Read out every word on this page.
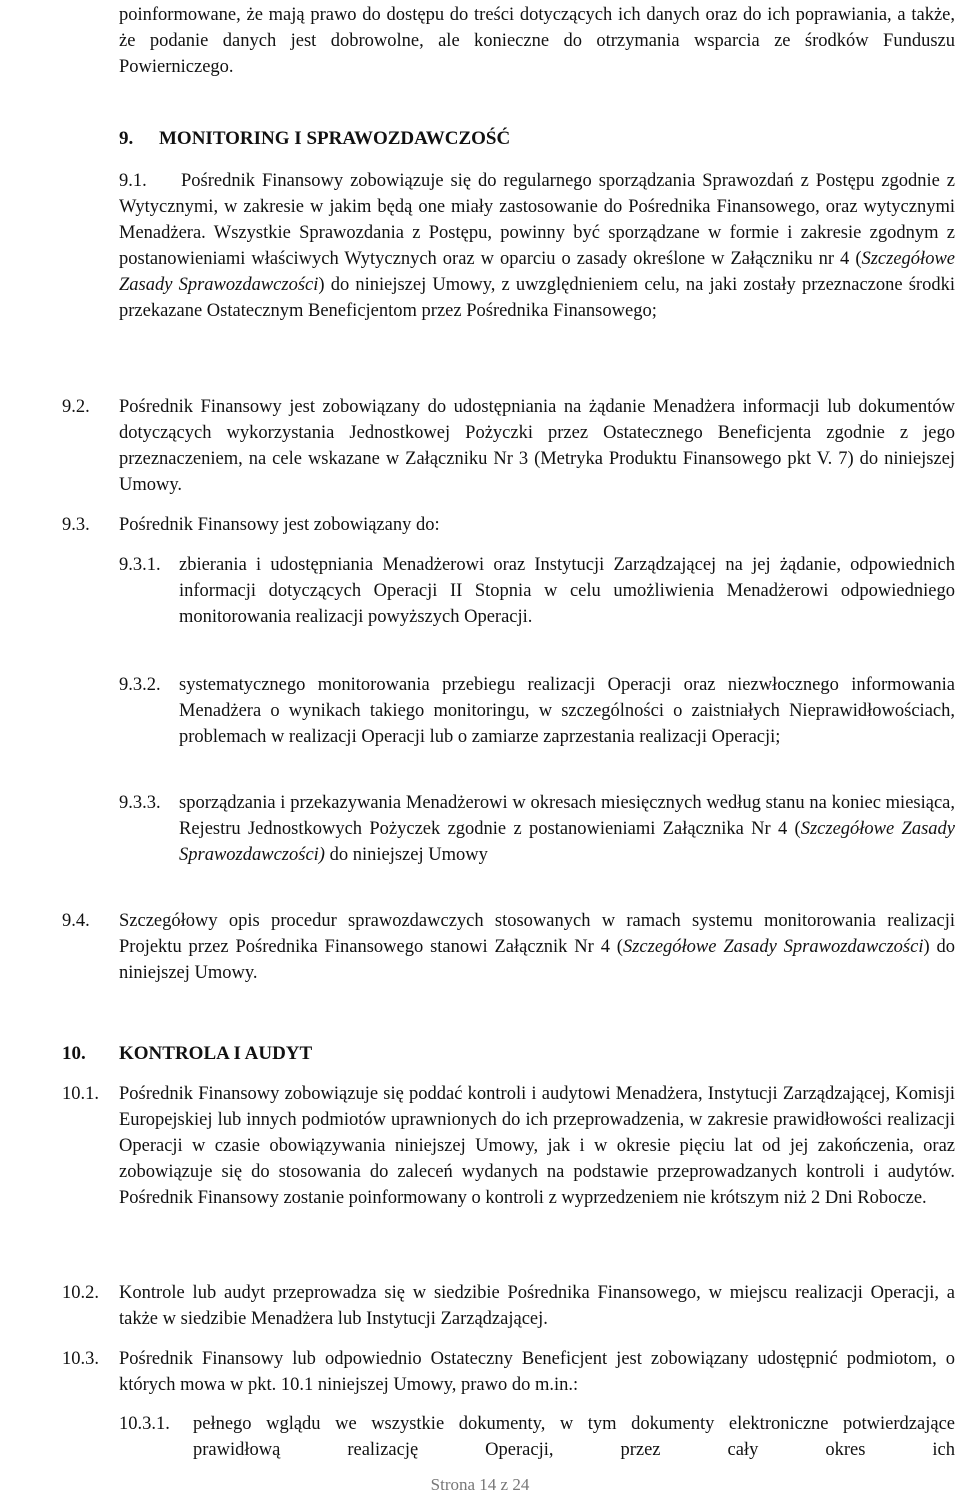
poinformowane, że mają prawo do dostępu do treści dotyczących ich danych oraz do ich poprawiania, a także, że podanie danych jest dobrowolne, ale konieczne do otrzymania wsparcia ze środków Funduszu Powierniczego.
9. MONITORING I SPRAWOZDAWCZOŚĆ
9.1.	Pośrednik Finansowy zobowiązuje się do regularnego sporządzania Sprawozdań z Postępu zgodnie z Wytycznymi, w zakresie w jakim będą one miały zastosowanie do Pośrednika Finansowego, oraz wytycznymi Menadżera. Wszystkie Sprawozdania z Postępu, powinny być sporządzane w formie i zakresie zgodnym z postanowieniami właściwych Wytycznych oraz w oparciu o zasady określone w Załączniku nr 4 (Szczegółowe Zasady Sprawozdawczości) do niniejszej Umowy, z uwzględnieniem celu, na jaki zostały przeznaczone środki przekazane Ostatecznym Beneficjentom przez Pośrednika Finansowego;
9.2. Pośrednik Finansowy jest zobowiązany do udostępniania na żądanie Menadżera informacji lub dokumentów dotyczących wykorzystania Jednostkowej Pożyczki przez Ostatecznego Beneficjenta zgodnie z jego przeznaczeniem, na cele wskazane w Załączniku Nr 3 (Metryka Produktu Finansowego pkt V. 7) do niniejszej Umowy.
9.3. Pośrednik Finansowy jest zobowiązany do:
9.3.1. zbierania i udostępniania Menadżerowi oraz Instytucji Zarządzającej na jej żądanie, odpowiednich informacji dotyczących Operacji II Stopnia w celu umożliwienia Menadżerowi odpowiedniego monitorowania realizacji powyższych Operacji.
9.3.2. systematycznego monitorowania przebiegu realizacji Operacji oraz niezwłocznego informowania Menadżera o wynikach takiego monitoringu, w szczególności o zaistniałych Nieprawidłowościach, problemach w realizacji Operacji lub o zamiarze zaprzestania realizacji Operacji;
9.3.3. sporządzania i przekazywania Menadżerowi w okresach miesięcznych według stanu na koniec miesiąca, Rejestru Jednostkowych Pożyczek zgodnie z postanowieniami Załącznika Nr 4 (Szczegółowe Zasady Sprawozdawczości) do niniejszej Umowy
9.4. Szczegółowy opis procedur sprawozdawczych stosowanych w ramach systemu monitorowania realizacji Projektu przez Pośrednika Finansowego stanowi Załącznik Nr 4 (Szczegółowe Zasady Sprawozdawczości) do niniejszej Umowy.
10. KONTROLA I AUDYT
10.1. Pośrednik Finansowy zobowiązuje się poddać kontroli i audytowi Menadżera, Instytucji Zarządzającej, Komisji Europejskiej lub innych podmiotów uprawnionych do ich przeprowadzenia, w zakresie prawidłowości realizacji Operacji w czasie obowiązywania niniejszej Umowy, jak i w okresie pięciu lat od jej zakończenia, oraz zobowiązuje się do stosowania do zaleceń wydanych na podstawie przeprowadzanych kontroli i audytów. Pośrednik Finansowy zostanie poinformowany o kontroli z wyprzedzeniem nie krótszym niż 2 Dni Robocze.
10.2. Kontrole lub audyt przeprowadza się w siedzibie Pośrednika Finansowego, w miejscu realizacji Operacji, a także w siedzibie Menadżera lub Instytucji Zarządzającej.
10.3. Pośrednik Finansowy lub odpowiednio Ostateczny Beneficjent jest zobowiązany udostępnić podmiotom, o których mowa w pkt. 10.1 niniejszej Umowy, prawo do m.in.:
10.3.1. pełnego wglądu we wszystkie dokumenty, w tym dokumenty elektroniczne potwierdzające prawidłową realizację Operacji, przez cały okres ich
Strona 14 z 24
